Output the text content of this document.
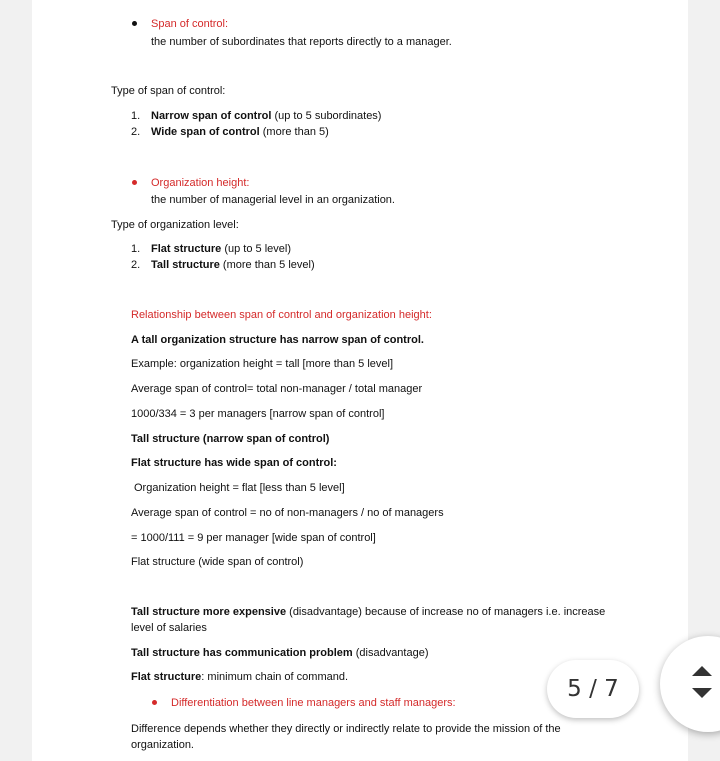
Span of control:
the number of subordinates that reports directly to a manager.
Type of span of control:
1. Narrow span of control (up to 5 subordinates)
2. Wide span of control (more than 5)
Organization height:
the number of managerial level in an organization.
Type of organization level:
1. Flat structure (up to 5 level)
2. Tall structure (more than 5 level)
Relationship between span of control and organization height:
A tall organization structure has narrow span of control.
Example: organization height = tall [more than 5 level]
Average span of control= total non-manager / total manager
1000/334 = 3 per managers [narrow span of control]
Tall structure (narrow span of control)
Flat structure has wide span of control:
Organization height = flat [less than 5 level]
Average span of control = no of non-managers / no of managers
= 1000/111 = 9 per manager [wide span of control]
Flat structure (wide span of control)
Tall structure more expensive (disadvantage) because of increase no of managers i.e. increase
level of salaries
Tall structure has communication problem (disadvantage)
Flat structure: minimum chain of command.
Differentiation between line managers and staff managers:
Difference depends whether they directly or indirectly relate to provide the mission of the
organization.
5 / 7
